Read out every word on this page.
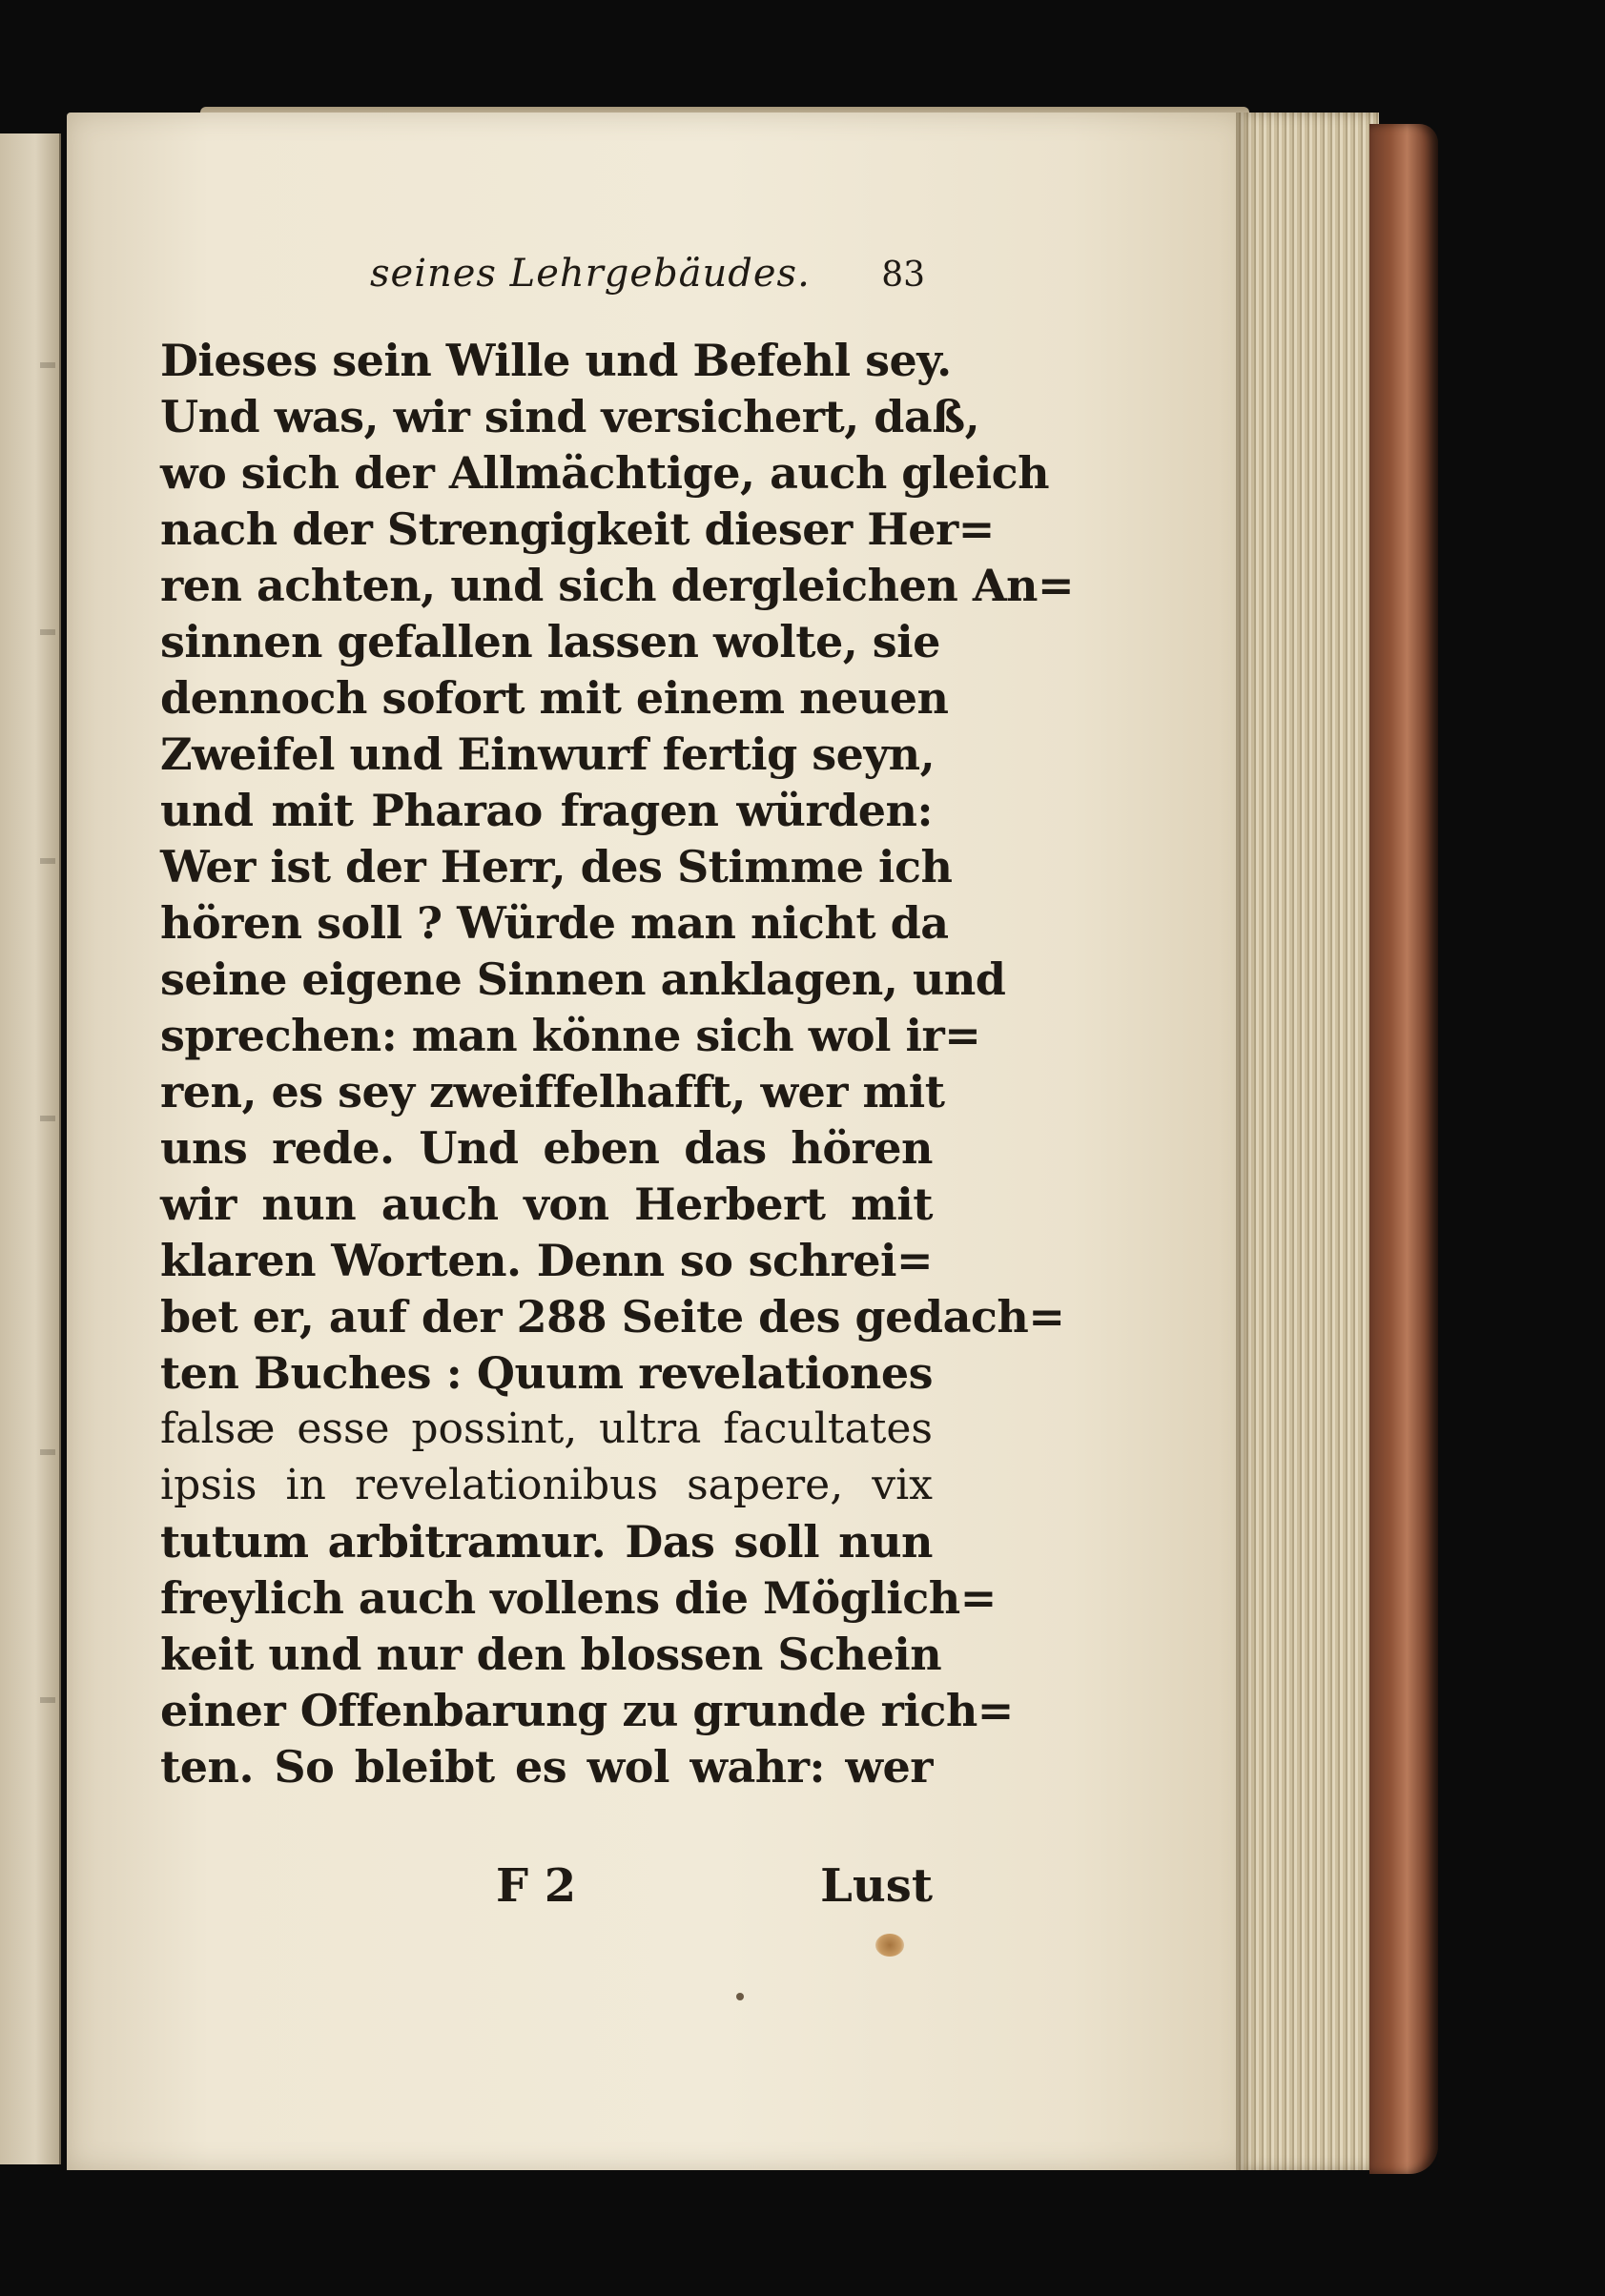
seines Lehrgebäudes. 83
Dieses sein Wille und Befehl sey.
Und was, wir sind versichert, daß,
wo sich der Allmächtige, auch gleich
nach der Strengigkeit dieser Her=
ren achten, und sich dergleichen An=
sinnen gefallen lassen wolte, sie
dennoch sofort mit einem neuen
Zweifel und Einwurf fertig seyn,
und mit Pharao fragen würden:
Wer ist der Herr, des Stimme ich
hören soll ? Würde man nicht da
seine eigene Sinnen anklagen, und
sprechen: man könne sich wol ir=
ren, es sey zweiffelhafft, wer mit
uns rede. Und eben das hören
wir nun auch von Herbert mit
klaren Worten. Denn so schrei=
bet er, auf der 288 Seite des gedach=
ten Buches : Quum revelationes
falsæ esse possint, ultra facultates
ipsis in revelationibus sapere, vix
tutum arbitramur. Das soll nun
freylich auch vollens die Möglich=
keit und nur den blossen Schein
einer Offenbarung zu grunde rich=
ten. So bleibt es wol wahr: wer
F 2	Lust
